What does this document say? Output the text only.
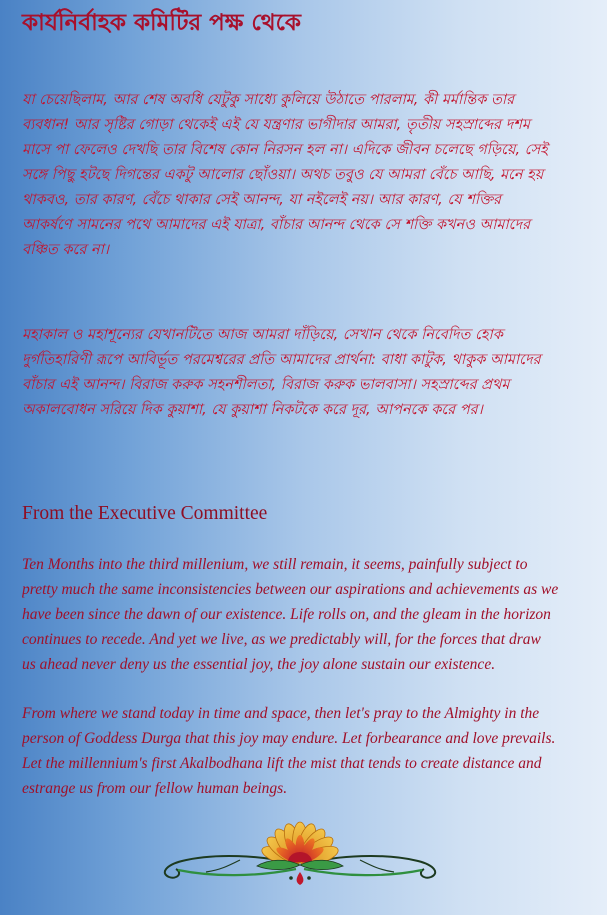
কার্যনির্বাহক কমিটির পক্ষ থেকে
যা চেয়েছিলাম, আর শেষ অবধি যেটুকু সাধ্যে কুলিয়ে উঠাতে পারলাম, কী মর্মান্তিক তার
ব্যবধান! আর সৃষ্টির গোড়া থেকেই এই যে যন্ত্রণার ভাগীদার আমরা, তৃতীয় সহস্রাব্দের দশম
মাসে পা ফেলেও দেখছি তার বিশেষ কোন নিরসন হল না। এদিকে জীবন চলেছে গড়িয়ে, সেই
সঙ্গে পিছু হটছে দিগন্তের একটু আলোর ছোঁওয়া। অথচ তবুও যে আমরা বেঁচে আছি, মনে হয়
থাকবও, তার কারণ, বেঁচে থাকার সেই আনন্দ, যা নইলেই নয়। আর কারণ, যে শক্তির
আকর্ষণে সামনের পথে আমাদের এই যাত্রা, বাঁচার আনন্দ থেকে সে শক্তি কখনও আমাদের
বঞ্চিত করে না।
মহাকাল ও মহাশূন্যের যেখানটিতে আজ আমরা দাঁড়িয়ে, সেখান থেকে নিবেদিত হোক
দুর্গতিহারিণী রূপে আবির্ভূত পরমেশ্বরের প্রতি আমাদের প্রার্থনা: বাধা কাটুক, থাকুক আমাদের
বাঁচার এই আনন্দ। বিরাজ করুক সহনশীলতা, বিরাজ করুক ভালবাসা। সহস্রাব্দের প্রথম
অকালবোধন সরিয়ে দিক কুয়াশা, যে কুয়াশা নিকটকে করে দূর, আপনকে করে পর।
From the Executive Committee
Ten Months into the third millenium, we still remain, it seems, painfully subject to
pretty much the same inconsistencies between our aspirations and achievements as we
have been since the dawn of our existence. Life rolls on, and the gleam in the horizon
continues to recede. And yet we live, as we predictably will, for the forces that draw
us ahead never deny us the essential joy, the joy alone sustain our existence.
From where we stand today in time and space, then let's pray to the Almighty in the
person of Goddess Durga that this joy may endure. Let forbearance and love prevails.
Let the millennium's first Akalbodhana lift the mist that tends to create distance and
estrange us from our fellow human beings.
